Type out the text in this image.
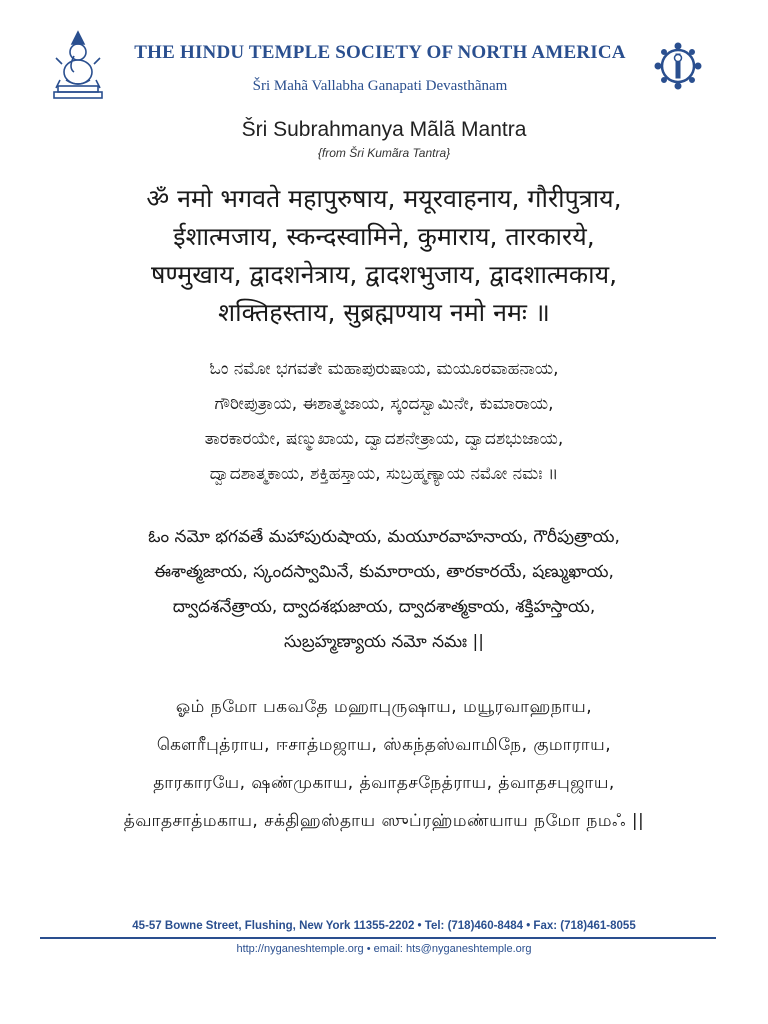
THE HINDU TEMPLE SOCIETY OF NORTH AMERICA
Šri Mahã Vallabha Ganapati Devasthãnam
Šri Subrahmanya Mãlã Mantra
{from Šri Kumãra Tantra}
ॐ नमो भगवते महापुरुषाय, मयूरवाहनाय, गौरीपुत्राय,
ईशात्मजाय, स्कन्दस्वामिने, कुमाराय, तारकारये,
षण्मुखाय, द्वादशनेत्राय, द्वादशभुजाय, द्वादशात्मकाय,
शक्तिहस्ताय, सुब्रह्मण्याय नमो नमः ॥
ಓಂ ನಮೋ ಭಗವತೇ ಮಹಾಪುರುಷಾಯ, ಮಯೂರವಾಹನಾಯ,
ಗೌರೀಪುತ್ರಾಯ, ಈಶಾತ್ಮಜಾಯ, ಸ್ಕಂದಸ್ವಾಮಿನೇ, ಕುಮಾರಾಯ,
ತಾರಕಾರಯೇ, ಷಣ್ಮುಖಾಯ, ದ್ವಾದಶನೇತ್ರಾಯ, ದ್ವಾದಶಭುಜಾಯ,
ದ್ವಾದಶಾತ್ಮಕಾಯ, ಶಕ್ತಿಹಸ್ತಾಯ, ಸುಬ್ರಹ್ಮಣ್ಯಾಯ ನಮೋ ನಮಃ ॥
ఓం నమో భగవతే మహాపురుషాయ, మయూరవాహనాయ, గౌరీపుత్రాయ,
ఈశాత్మజాయ, స్కందస్వామినే, కుమారాయ, తారకారయే, షణ్ముఖాయ,
ద్వాదశనేత్రాయ, ద్వాదశభుజాయ, ద్వాదశాత్మకాయ, శక్తిహస్తాయ,
సుబ్రహ్మణ్యాయ నమో నమః ||
ஓம் நமோ பகவதே மஹாபுருஷாய, மயூரவாஹநாய,
கௌரீபுத்ராய, ஈசாத்மஜாய, ஸ்கந்தஸ்வாமிநே, குமாராய,
தாரகாரயே, ஷண்முகாய, த்வாதசநேத்ராய, த்வாதசபுஜாய,
த்வாதசாத்மகாய, சக்திஹஸ்தாய ஸுப்ரஹ்மண்யாய நமோ நமஃ ||
45-57 Bowne Street, Flushing, New York 11355-2202 • Tel: (718)460-8484 • Fax: (718)461-8055
http://nyganeshtemple.org • email: hts@nyganeshtemple.org
